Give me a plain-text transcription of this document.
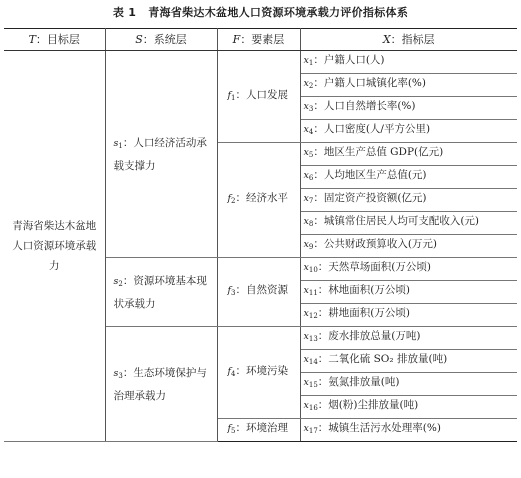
表 1 青海省柴达木盆地人口资源环境承载力评价指标体系
T：目标层	S：系统层	F：要素层	X：指标层
青海省柴达木盆地人口资源环境承载力	$s_1$：人口经济活动承载支撑力	$f_1$：人口发展	$x_1$：户籍人口(人)
			$x_2$：户籍人口城镇化率(%)
			$x_3$：人口自然增长率(%)
			$x_4$：人口密度(人/平方公里)
		$f_2$：经济水平	$x_5$：地区生产总值 GDP(亿元)
			$x_6$：人均地区生产总值(元)
			$x_7$：固定资产投资额(亿元)
			$x_8$：城镇常住居民人均可支配收入(元)
			$x_9$：公共财政预算收入(万元)
	$s_2$：资源环境基本现状承载力	$f_3$：自然资源	$x_{10}$：天然草场面积(万公顷)
			$x_{11}$：林地面积(万公顷)
			$x_{12}$：耕地面积(万公顷)
	$s_3$：生态环境保护与治理承载力	$f_4$：环境污染	$x_{13}$：废水排放总量(万吨)
			$x_{14}$：二氧化硫 SO₂ 排放量(吨)
			$x_{15}$：氨氮排放量(吨)
			$x_{16}$：烟(粉)尘排放量(吨)
		$f_5$：环境治理	$x_{17}$：城镇生活污水处理率(%)
